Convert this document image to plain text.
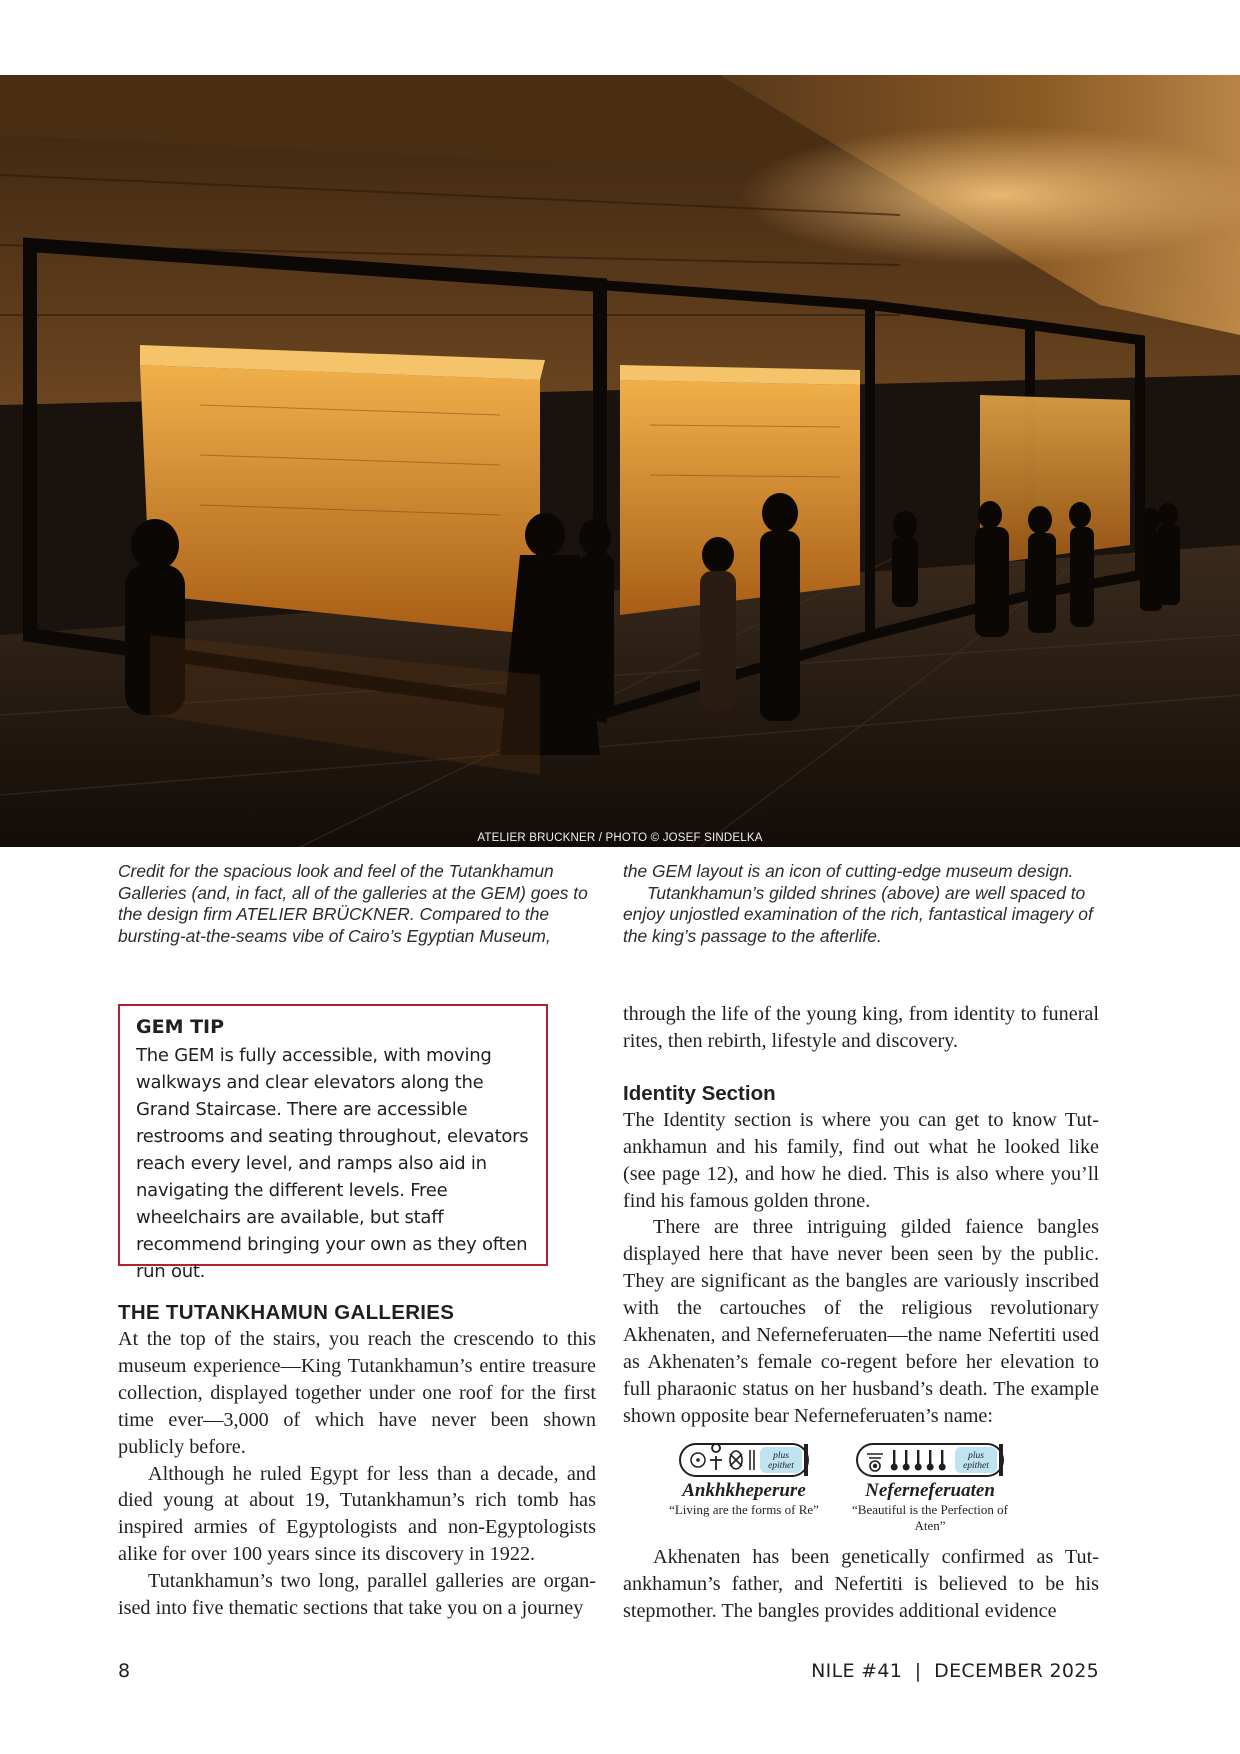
ATELIER BRUCKNER / PHOTO © JOSEF SINDELKA

Credit for the spacious look and feel of the Tutankhamun Galleries (and, in fact, all of the galleries at the GEM) goes to the design firm ATELIER BRÜCKNER. Compared to the bursting-at-the-seams vibe of Cairo’s Egyptian Museum,

the GEM layout is an icon of cutting-edge museum design.

Tutankhamun’s gilded shrines (above) are well spaced to enjoy unjostled examination of the rich, fantastical imagery of the king’s passage to the afterlife.

GEM TIP

The GEM is fully accessible, with moving walkways and clear elevators along the Grand Staircase. There are accessible restrooms and seating throughout, elevators reach every level, and ramps also aid in navigating the different levels. Free wheelchairs are available, but staff recommend bringing your own as they often run out.

THE TUTANKHAMUN GALLERIES

At the top of the stairs, you reach the crescendo to this museum experience—King Tutankhamun’s entire treasure collection, displayed together under one roof for the first time ever—3,000 of which have never been shown publicly before.

Although he ruled Egypt for less than a decade, and died young at about 19, Tutankhamun’s rich tomb has inspired armies of Egyptologists and non-Egyptologists alike for over 100 years since its discovery in 1922.

Tutankhamun’s two long, parallel galleries are organised into five thematic sections that take you on a journey

through the life of the young king, from identity to funeral rites, then rebirth, lifestyle and discovery.

Identity Section

The Identity section is where you can get to know Tutankhamun and his family, find out what he looked like (see page 12), and how he died. This is also where you’ll find his famous golden throne.

There are three intriguing gilded faience bangles displayed here that have never been seen by the public. They are significant as the bangles are variously inscribed with the cartouches of the religious revolutionary Akhenaten, and Neferneferuaten—the name Nefertiti used as Akhenaten’s female co-regent before her elevation to full pharaonic status on her husband’s death. The example shown opposite bear Neferneferuaten’s name:

plus
epithet
Ankhkheperure
“Living are the forms of Re”
plus
epithet
Neferneferuaten
“Beautiful is the Perfection of Aten”

Akhenaten has been genetically confirmed as Tutankhamun’s father, and Nefertiti is believed to be his stepmother. The bangles provides additional evidence

8	NILE #41  |  DECEMBER 2025
